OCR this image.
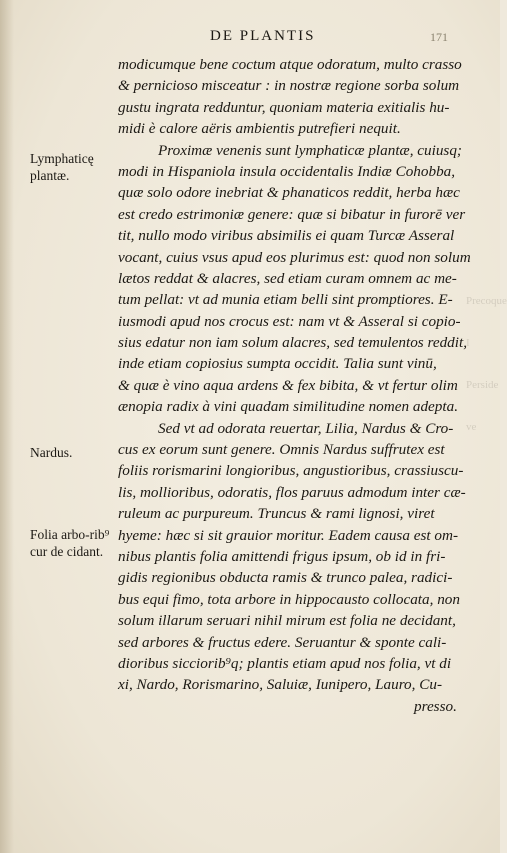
DE PLANTIS	171
Lymphaticę plantæ.
Nardus.
Folia arbo-rib⁹ cur de cidant.
modicumque bene coctum atque odoratum, multo crasso
& pernicioso misceatur : in nostræ regione sorba solum
gustu ingrata redduntur, quoniam materia exitialis hu-
midi è calore aëris ambientis putrefieri nequit.
Proximæ venenis sunt lymphaticæ plantæ, cuiusq;
modi in Hispaniola insula occidentalis Indiæ Cohobba,
quæ solo odore inebriat & phanaticos reddit, herba hæc
est credo estrimoniæ genere: quæ si bibatur in furorē ver
tit, nullo modo viribus absimilis ei quam Turcæ Asseral
vocant, cuius vsus apud eos plurimus est: quod non solum
lætos reddat & alacres, sed etiam curam omnem ac me-
tum pellat: vt ad munia etiam belli sint promptiores. E-
iusmodi apud nos crocus est: nam vt & Asseral si copio-
sius edatur non iam solum alacres, sed temulentos reddit,
inde etiam copiosius sumpta occidit. Talia sunt vinū,
& quæ è vino aqua ardens & fex bibita, & vt fertur olim
ænopia radix à vini quadam similitudine nomen adepta.
Sed vt ad odorata reuertar, Lilia, Nardus & Cro-
cus ex eorum sunt genere. Omnis Nardus suffrutex est
foliis rorismarini longioribus, angustioribus, crassiuscu-
lis, mollioribus, odoratis, flos paruus admodum inter cæ-
ruleum ac purpureum. Truncus & rami lignosi, viret
hyeme: hæc si sit grauior moritur. Eadem causa est om-
nibus plantis folia amittendi frigus ipsum, ob id in fri-
gidis regionibus obducta ramis & trunco palea, radici-
bus equi fimo, tota arbore in hippocausto collocata, non
solum illarum seruari nihil mirum est folia ne decidant,
sed arbores & fructus edere. Seruantur & sponte cali-
dioribus sicciorib⁹q; plantis etiam apud nos folia, vt di
xi, Nardo, Rorismarino, Saluiæ, Iunipero, Lauro, Cu-
presso.
Precoque I
Perside ve
